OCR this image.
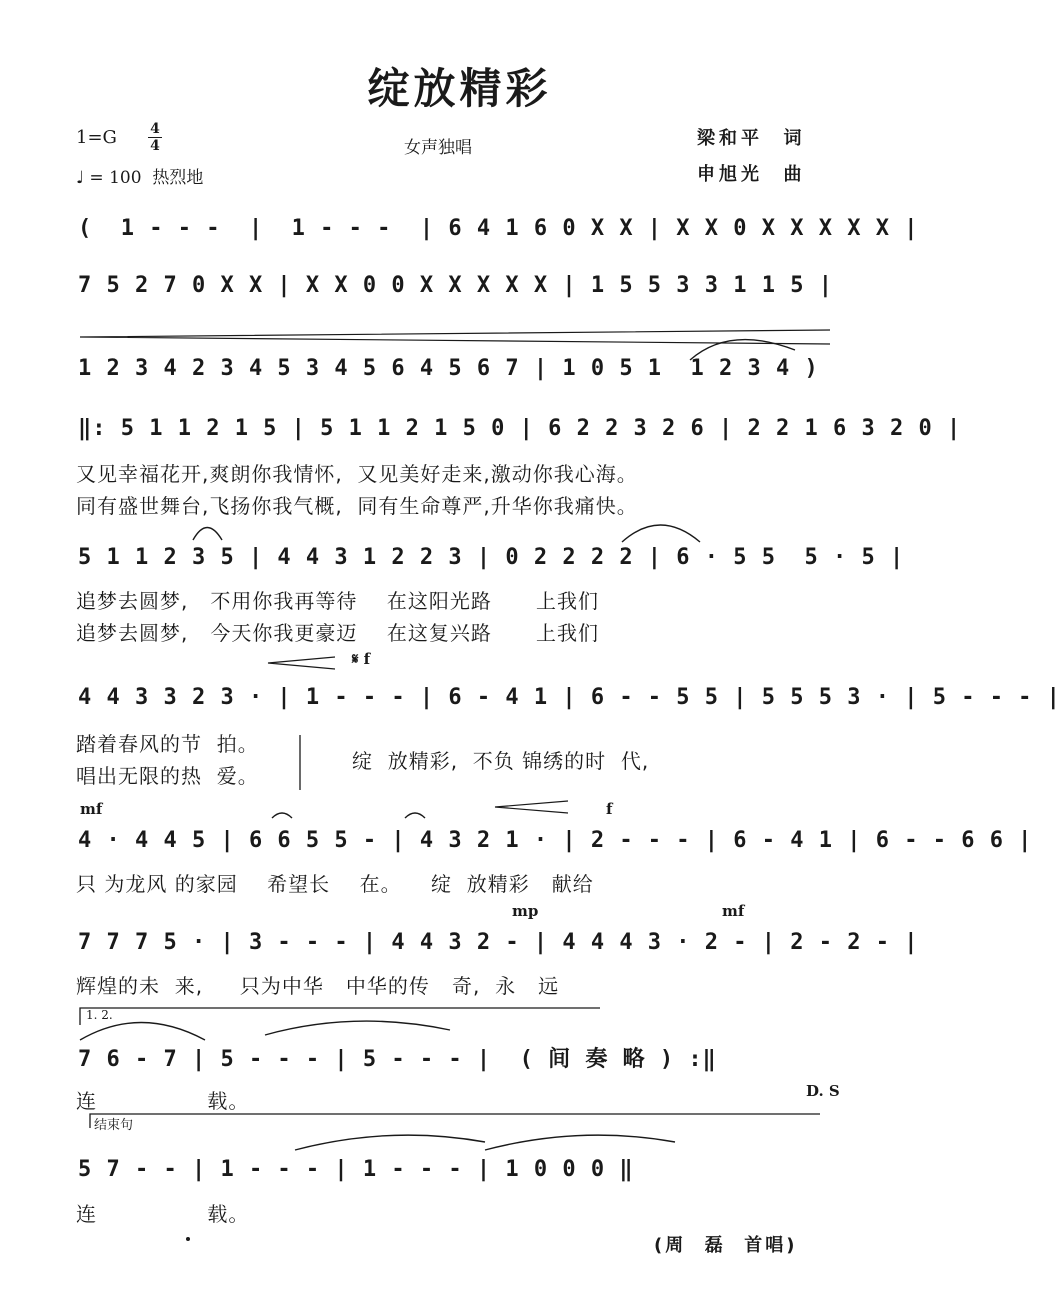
绽放精彩
1=G 4
4
♩ = 100  热烈地
女声独唱	梁和平  词
申旭光  曲
(  1 - - -  |  1 - - -  | 6 4 1 6 0 X X | X X 0 X X X X X |
7 5 2 7 0 X X | X X 0 0 X X X X X | 1 5 5 3 3 1 1 5 |
1 2 3 4 2 3 4 5 3 4 5 6 4 5 6 7 | 1 0 5 1  1 2 3 4 )
‖: 5 1 1 2 1 5 | 5 1 1 2 1 5 0 | 6 2 2 3 2 6 | 2 2 1 6 3 2 0 |
又见幸福花开,爽朗你我情怀,  又见美好走来,激动你我心海。
同有盛世舞台,飞扬你我气概,  同有生命尊严,升华你我痛快。
5 1 1 2 3 5 | 4 4 3 1 2 2 3 | 0 2 2 2 2 | 6 · 5 5  5 · 5 |
追梦去圆梦,   不用你我再等待    在这阳光路      上我们
追梦去圆梦,   今天你我更豪迈    在这复兴路      上我们
𝄋 f
4 4 3 3 2 3 · | 1 - - - | 6 - 4 1 | 6 - - 5 5 | 5 5 5 3 · | 5 - - - |
踏着春风的节  拍。
唱出无限的热  爱。
绽  放精彩,  不负 锦绣的时  代,
mf	f
4 · 4 4 5 | 6 6 5 5 - | 4 3 2 1 · | 2 - - - | 6 - 4 1 | 6 - - 6 6 |
只 为龙风 的家园    希望长    在。    绽  放精彩   献给
mp	mf
7 7 7 5 · | 3 - - - | 4 4 3 2 - | 4 4 4 3 · 2 - | 2 - 2 - |
辉煌的未  来,     只为中华   中华的传   奇,  永   远
1. 2.
7 6 - 7 | 5 - - - | 5 - - - |  ( 间 奏 略 ) :‖
连               载。	D. S
结束句
5 7 - - | 1 - - - | 1 - - - | 1 0 0 0 ‖
连               载。
(周  磊  首唱)
